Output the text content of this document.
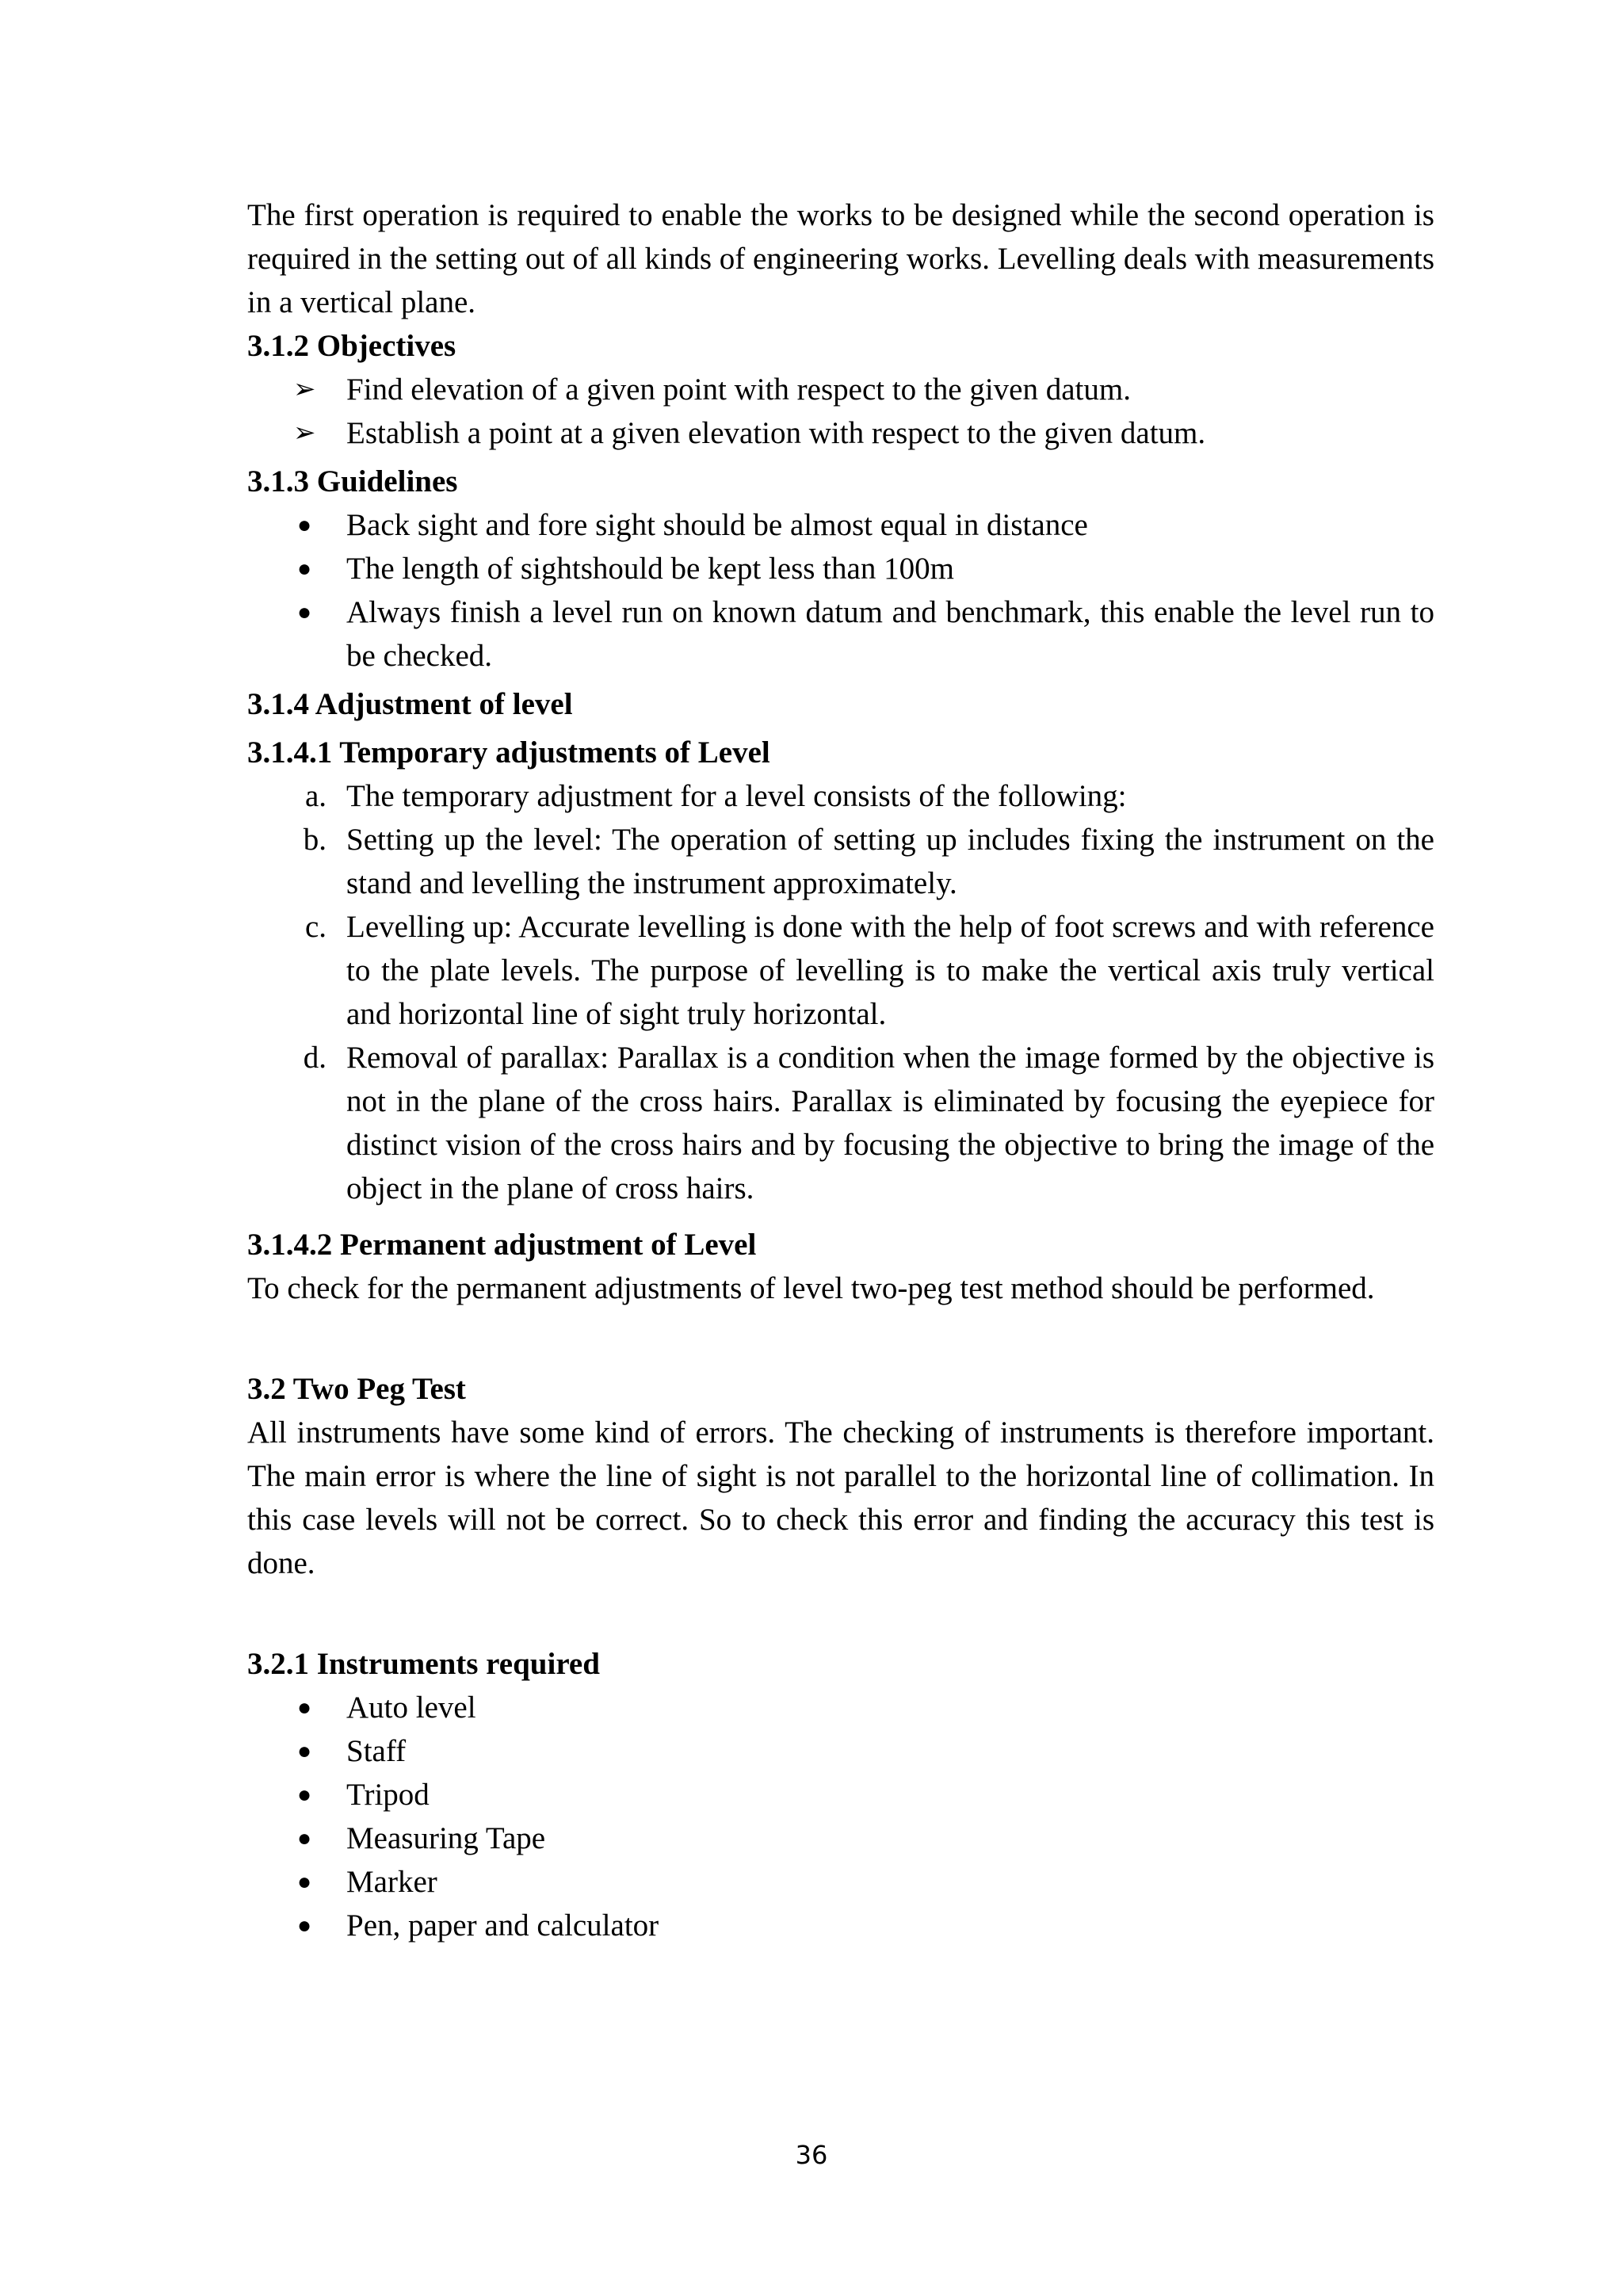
The first operation is required to enable the works to be designed while the second operation is required in the setting out of all kinds of engineering works. Levelling deals with measurements in a vertical plane.

3.1.2 Objectives

➢ Find elevation of a given point with respect to the given datum.
➢ Establish a point at a given elevation with respect to the given datum.

3.1.3 Guidelines

●	Back sight and fore sight should be almost equal in distance
●	The length of sightshould be kept less than 100m
●	Always finish a level run on known datum and benchmark, this enable the level run to be checked.

3.1.4 Adjustment of level

3.1.4.1 Temporary adjustments of Level

a. The temporary adjustment for a level consists of the following:
b. Setting up the level: The operation of setting up includes fixing the instrument on the stand and levelling the instrument approximately.
c. Levelling up: Accurate levelling is done with the help of foot screws and with reference to the plate levels. The purpose of levelling is to make the vertical axis truly vertical and horizontal line of sight truly horizontal.
d. Removal of parallax: Parallax is a condition when the image formed by the objective is not in the plane of the cross hairs. Parallax is eliminated by focusing the eyepiece for distinct vision of the cross hairs and by focusing the objective to bring the image of the object in the plane of cross hairs.

3.1.4.2 Permanent adjustment of Level

To check for the permanent adjustments of level two-peg test method should be performed.

3.2 Two Peg Test

All instruments have some kind of errors. The checking of instruments is therefore important. The main error is where the line of sight is not parallel to the horizontal line of collimation. In this case levels will not be correct. So to check this error and finding the accuracy this test is done.

3.2.1 Instruments required

●	Auto level
●	Staff
●	Tripod
●	Measuring Tape
●	Marker
●	Pen, paper and calculator
36
